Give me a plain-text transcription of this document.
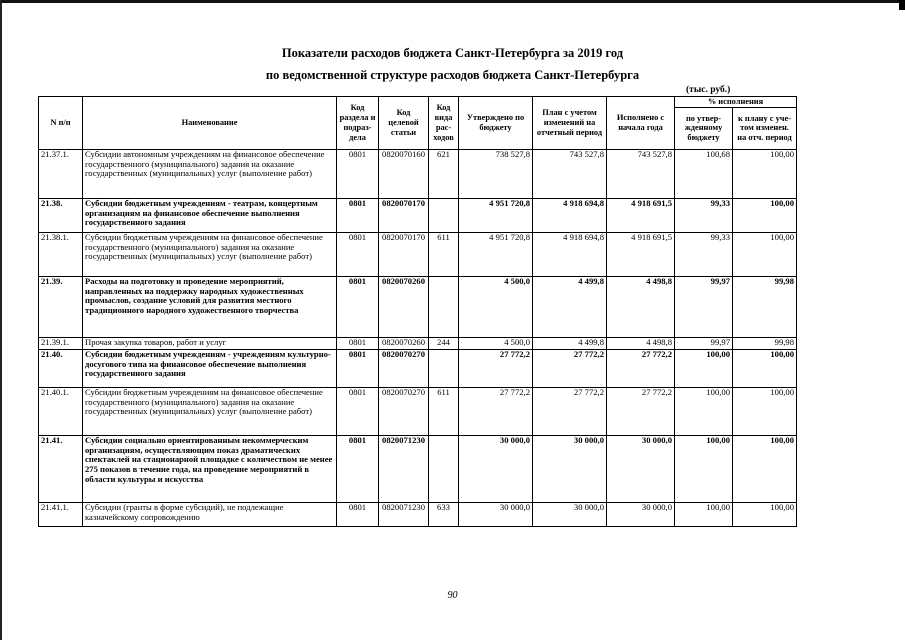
Показатели расходов бюджета Санкт-Петербурга за 2019 год
по ведомственной структуре расходов бюджета Санкт-Петербурга
(тыс. руб.)
N п/п	Наименование	Код раздела и подраз-дела	Код целевой статьи	Код вида рас-ходов	Утверждено по бюджету	План с учетом изменений на отчетный период	Исполнено с начала года	% исполнения	
								по утвер-жденному бюджету	к плану с уче-том изменен. на отч. период
21.37.1.	Субсидии автономным учреждениям на финансовое обеспечение государственного (муниципального) задания на оказание государственных (муниципальных) услуг (выполнение работ)	0801	0820070160	621	738 527,8	743 527,8	743 527,8	100,68	100,00
21.38.	Субсидии бюджетным учреждениям - театрам, концертным организациям на финансовое обеспечение выполнения государственного задания	0801	0820070170		4 951 720,8	4 918 694,8	4 918 691,5	99,33	100,00
21.38.1.	Субсидии бюджетным учреждениям на финансовое обеспечение государственного (муниципального) задания на оказание государственных (муниципальных) услуг (выполнение работ)	0801	0820070170	611	4 951 720,8	4 918 694,8	4 918 691,5	99,33	100,00
21.39.	Расходы на подготовку и проведение мероприятий, направленных на поддержку народных художественных промыслов, создание условий для развития местного традиционного народного художественного творчества	0801	0820070260		4 500,0	4 499,8	4 498,8	99,97	99,98
21.39.1.	Прочая закупка товаров, работ и услуг	0801	0820070260	244	4 500,0	4 499,8	4 498,8	99,97	99,98
21.40.	Субсидии бюджетным учреждениям - учреждениям культурно-досугового типа на финансовое обеспечение выполнения государственного задания	0801	0820070270		27 772,2	27 772,2	27 772,2	100,00	100,00
21.40.1.	Субсидии бюджетным учреждениям на финансовое обеспечение государственного (муниципального) задания на оказание государственных (муниципальных) услуг (выполнение работ)	0801	0820070270	611	27 772,2	27 772,2	27 772,2	100,00	100,00
21.41.	Субсидии социально ориентированным некоммерческим организациям, осуществляющим показ драматических спектаклей на стационарной площадке с количеством не менее 275 показов в течение года, на проведение мероприятий в области культуры и искусства	0801	0820071230		30 000,0	30 000,0	30 000,0	100,00	100,00
21.41.1.	Субсидии (гранты в форме субсидий), не подлежащие казначейскому сопровождению	0801	0820071230	633	30 000,0	30 000,0	30 000,0	100,00	100,00
90
